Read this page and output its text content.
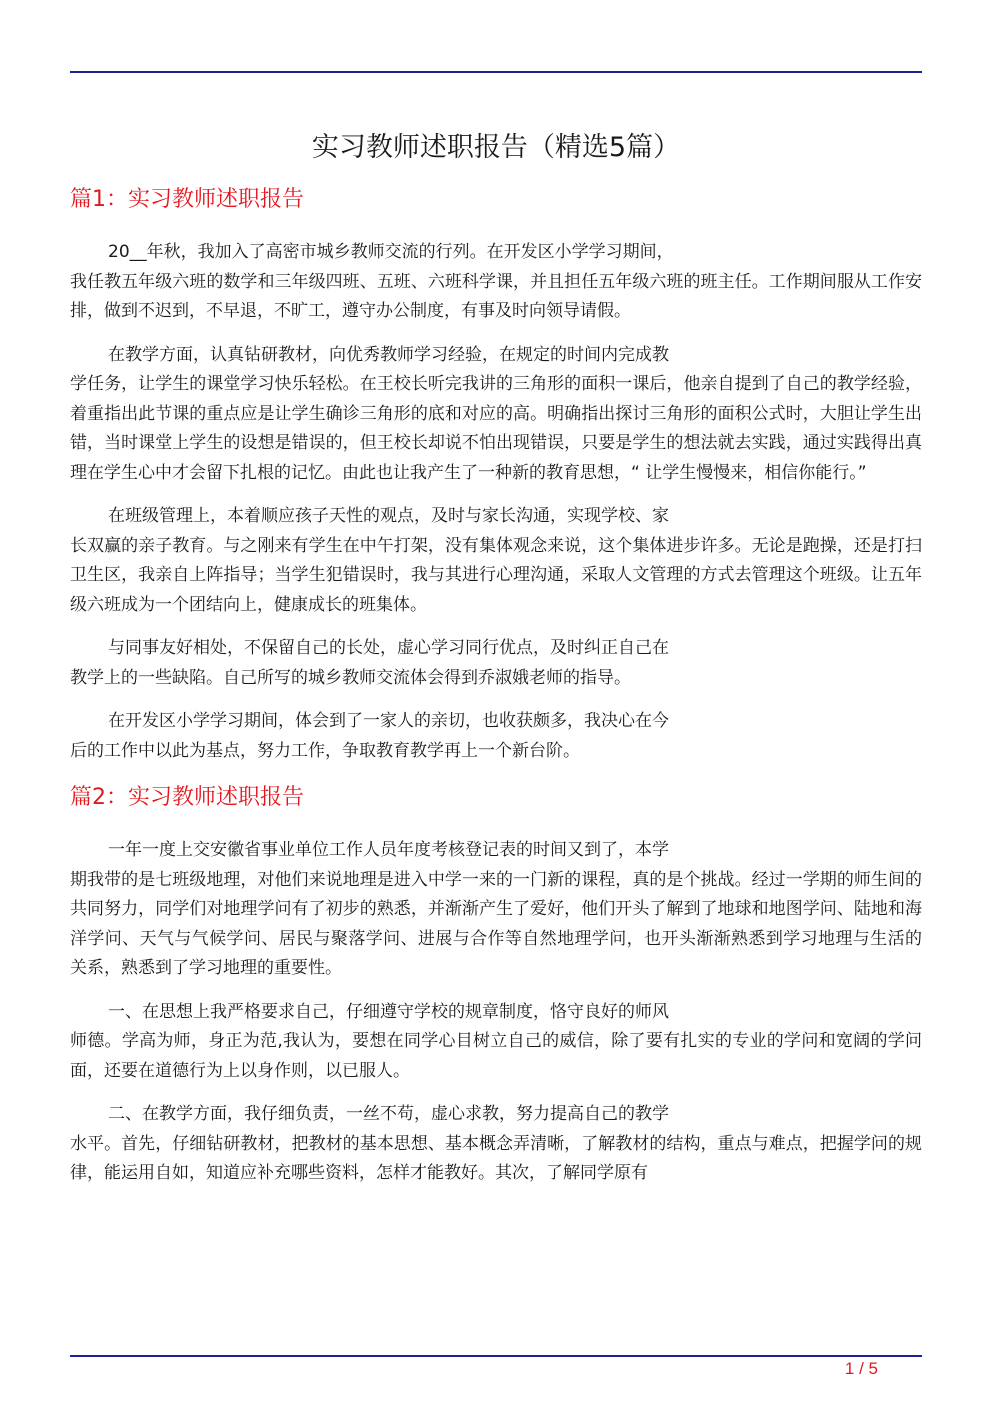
实习教师述职报告（精选5篇）
篇1：实习教师述职报告

20__年秋，我加入了高密市城乡教师交流的行列。在开发区小学学习期间，
我任教五年级六班的数学和三年级四班、五班、六班科学课，并且担任五年级六班的班主任。工作期间服从工作安排，做到不迟到，不早退，不旷工，遵守办公制度，有事及时向领导请假。

在教学方面，认真钻研教材，向优秀教师学习经验，在规定的时间内完成教
学任务，让学生的课堂学习快乐轻松。在王校长听完我讲的三角形的面积一课后，他亲自提到了自己的教学经验，着重指出此节课的重点应是让学生确诊三角形的底和对应的高。明确指出探讨三角形的面积公式时，大胆让学生出错，当时课堂上学生的设想是错误的，但王校长却说不怕出现错误，只要是学生的想法就去实践，通过实践得出真理在学生心中才会留下扎根的记忆。由此也让我产生了一种新的教育思想，“ 让学生慢慢来，相信你能行。”

在班级管理上，本着顺应孩子天性的观点，及时与家长沟通，实现学校、家
长双赢的亲子教育。与之刚来有学生在中午打架，没有集体观念来说，这个集体进步许多。无论是跑操，还是打扫卫生区，我亲自上阵指导；当学生犯错误时，我与其进行心理沟通，采取人文管理的方式去管理这个班级。让五年级六班成为一个团结向上，健康成长的班集体。

与同事友好相处，不保留自己的长处，虚心学习同行优点，及时纠正自己在
教学上的一些缺陷。自己所写的城乡教师交流体会得到乔淑娥老师的指导。

在开发区小学学习期间，体会到了一家人的亲切，也收获颇多，我决心在今
后的工作中以此为基点，努力工作，争取教育教学再上一个新台阶。

篇2：实习教师述职报告

一年一度上交安徽省事业单位工作人员年度考核登记表的时间又到了，本学
期我带的是七班级地理，对他们来说地理是进入中学一来的一门新的课程，真的是个挑战。经过一学期的师生间的共同努力，同学们对地理学问有了初步的熟悉，并渐渐产生了爱好，他们开头了解到了地球和地图学问、陆地和海洋学问、天气与气候学问、居民与聚落学问、进展与合作等自然地理学问，也开头渐渐熟悉到学习地理与生活的 关系，熟悉到了学习地理的重要性。

一、在思想上我严格要求自己，仔细遵守学校的规章制度，恪守良好的师风
师德。学高为师，身正为范,我认为，要想在同学心目树立自己的威信，除了要有扎实的专业的学问和宽阔的学问面，还要在道德行为上以身作则，以已服人。

二、在教学方面，我仔细负责，一丝不苟，虚心求教，努力提高自己的教学
水平。首先，仔细钻研教材，把教材的基本思想、基本概念弄清晰，了解教材的结构，重点与难点，把握学问的规律，能运用自如，知道应补充哪些资料，怎样才能教好。其次，了解同学原有

1 / 5
